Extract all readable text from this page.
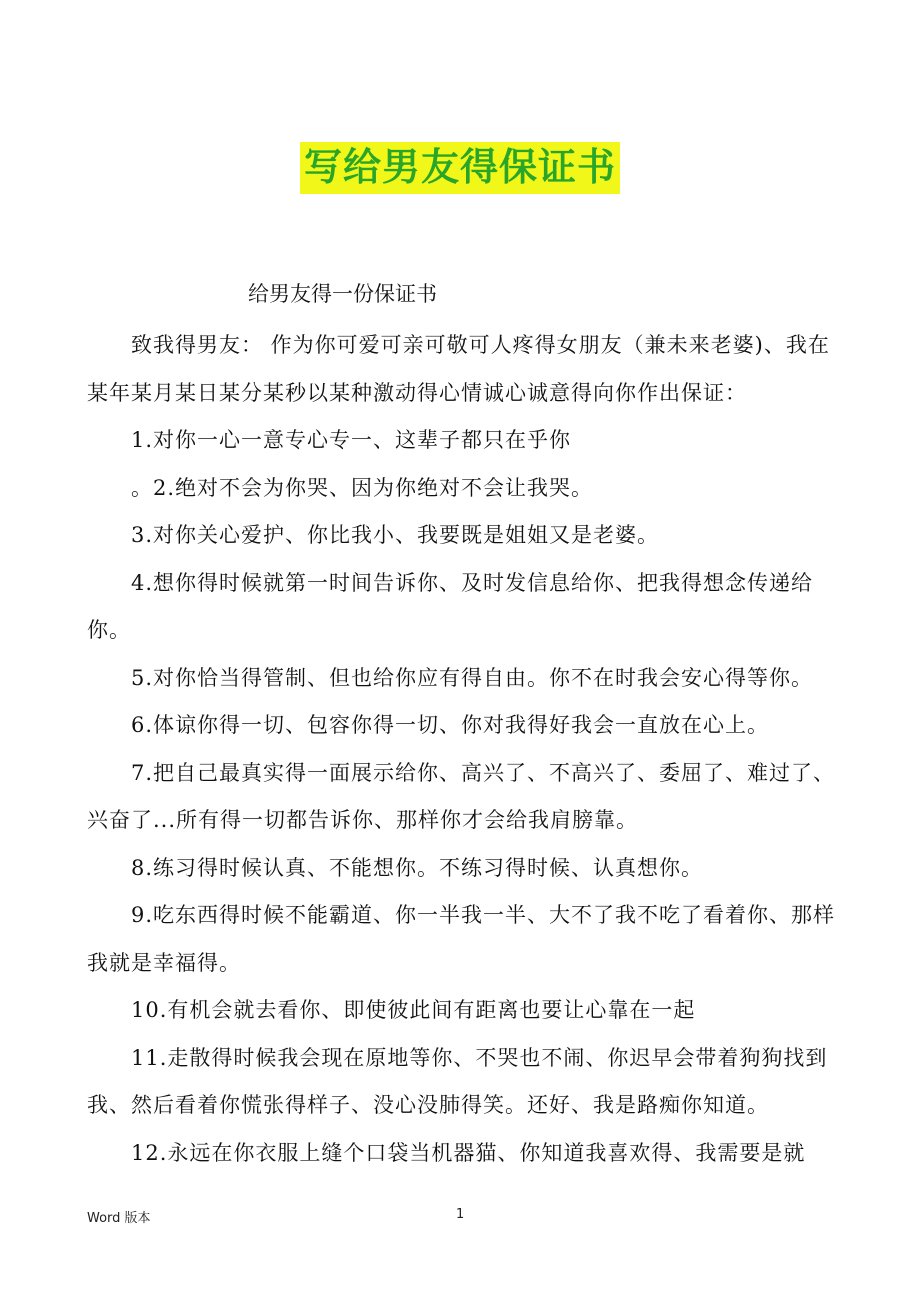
写给男友得保证书
给男友得一份保证书

致我得男友： 作为你可爱可亲可敬可人疼得女朋友（兼未来老婆)、我在某年某月某日某分某秒以某种激动得心情诚心诚意得向你作出保证：

1.对你一心一意专心专一、这辈子都只在乎你

。2.绝对不会为你哭、因为你绝对不会让我哭。

3.对你关心爱护、你比我小、我要既是姐姐又是老婆。

4.想你得时候就第一时间告诉你、及时发信息给你、把我得想念传递给你。

5.对你恰当得管制、但也给你应有得自由。你不在时我会安心得等你。

6.体谅你得一切、包容你得一切、你对我得好我会一直放在心上。

7.把自己最真实得一面展示给你、高兴了、不高兴了、委屈了、难过了、兴奋了...所有得一切都告诉你、那样你才会给我肩膀靠。

8.练习得时候认真、不能想你。不练习得时候、认真想你。

9.吃东西得时候不能霸道、你一半我一半、大不了我不吃了看着你、那样我就是幸福得。

10.有机会就去看你、即使彼此间有距离也要让心靠在一起

11.走散得时候我会现在原地等你、不哭也不闹、你迟早会带着狗狗找到我、然后看着你慌张得样子、没心没肺得笑。还好、我是路痴你知道。

12.永远在你衣服上缝个口袋当机器猫、你知道我喜欢得、我需要是就

Word 版本	1
